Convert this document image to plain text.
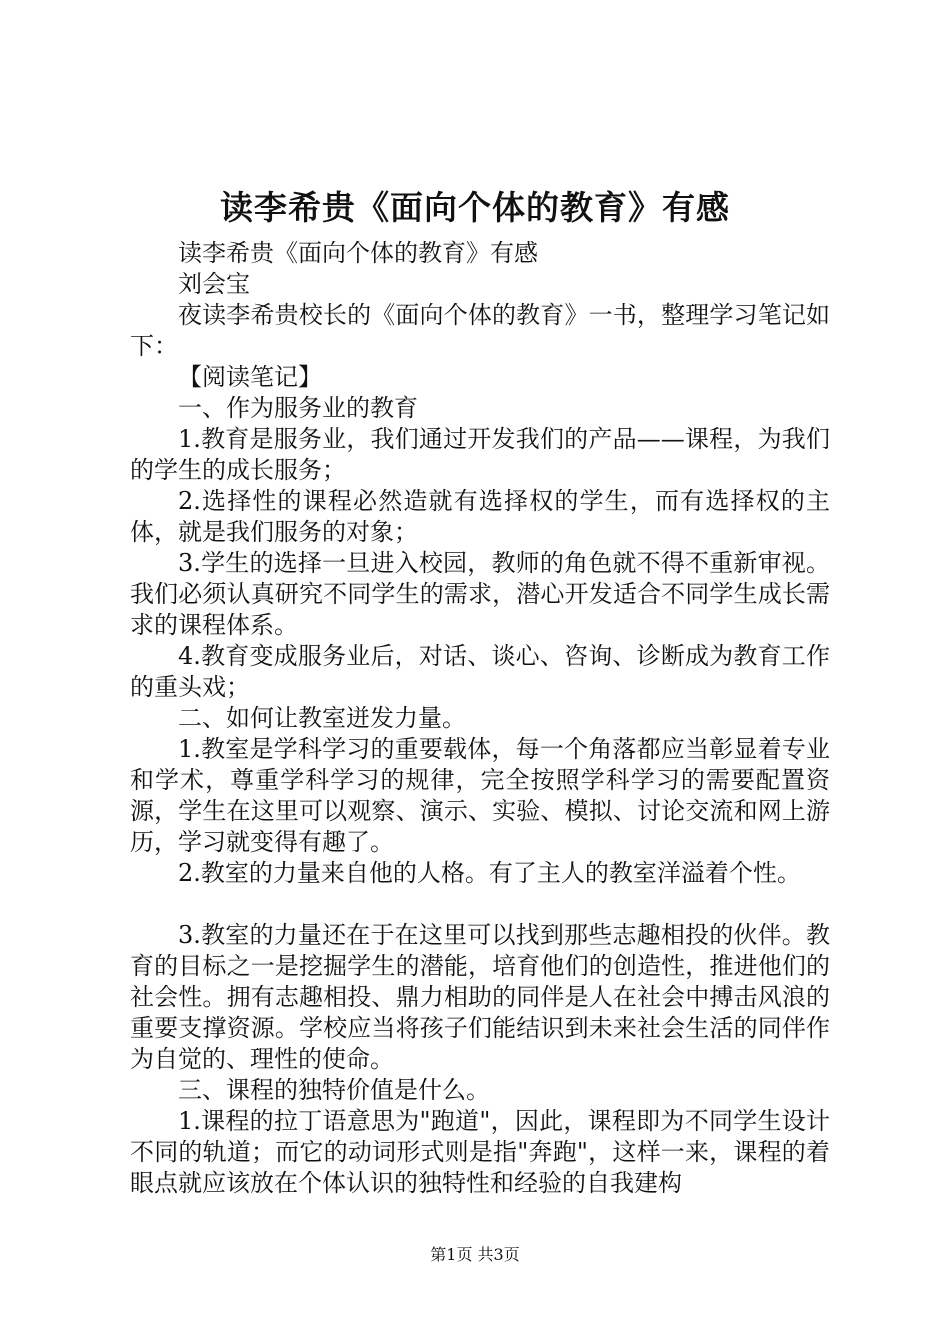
读李希贵《面向个体的教育》有感

读李希贵《面向个体的教育》有感

刘会宝

夜读李希贵校长的《面向个体的教育》一书，整理学习笔记如下：

【阅读笔记】

一、作为服务业的教育

1.教育是服务业，我们通过开发我们的产品——课程，为我们的学生的成长服务；

2.选择性的课程必然造就有选择权的学生，而有选择权的主体，就是我们服务的对象；

3.学生的选择一旦进入校园，教师的角色就不得不重新审视。我们必须认真研究不同学生的需求，潜心开发适合不同学生成长需求的课程体系。

4.教育变成服务业后，对话、谈心、咨询、诊断成为教育工作的重头戏；

二、如何让教室迸发力量。

1.教室是学科学习的重要载体，每一个角落都应当彰显着专业和学术，尊重学科学习的规律，完全按照学科学习的需要配置资源，学生在这里可以观察、演示、实验、模拟、讨论交流和网上游历，学习就变得有趣了。

2.教室的力量来自他的人格。有了主人的教室洋溢着个性。

3.教室的力量还在于在这里可以找到那些志趣相投的伙伴。教育的目标之一是挖掘学生的潜能，培育他们的创造性，推进他们的社会性。拥有志趣相投、鼎力相助的同伴是人在社会中搏击风浪的重要支撑资源。学校应当将孩子们能结识到未来社会生活的同伴作为自觉的、理性的使命。

三、课程的独特价值是什么。

1.课程的拉丁语意思为"跑道"，因此，课程即为不同学生设计不同的轨道；而它的动词形式则是指"奔跑"，这样一来，课程的着眼点就应该放在个体认识的独特性和经验的自我建构

第1页 共3页
